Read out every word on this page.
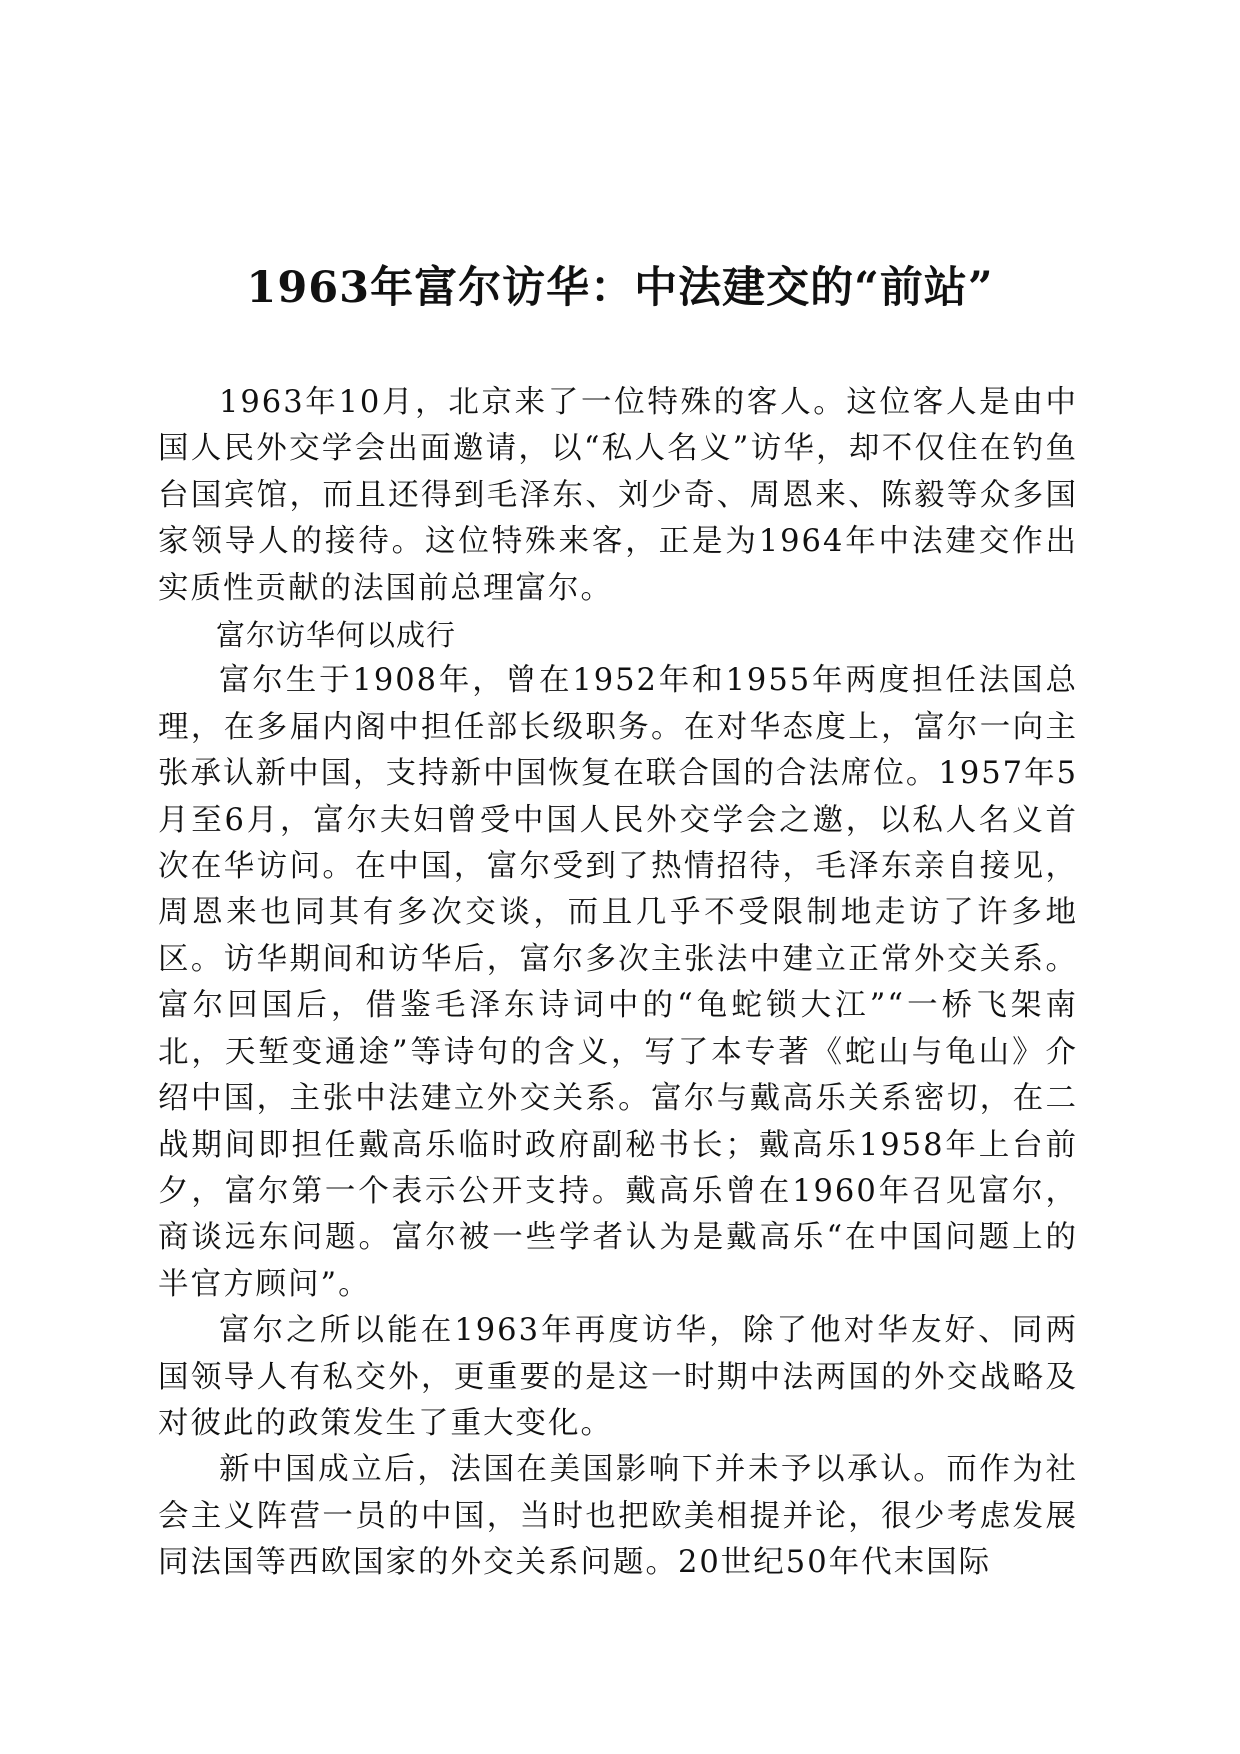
1963年富尔访华：中法建交的“前站”

1963年10月，北京来了一位特殊的客人。这位客人是由中国人民外交学会出面邀请，以“私人名义”访华，却不仅住在钓鱼台国宾馆，而且还得到毛泽东、刘少奇、周恩来、陈毅等众多国家领导人的接待。这位特殊来客，正是为1964年中法建交作出实质性贡献的法国前总理富尔。

富尔访华何以成行

富尔生于1908年，曾在1952年和1955年两度担任法国总理，在多届内阁中担任部长级职务。在对华态度上，富尔一向主张承认新中国，支持新中国恢复在联合国的合法席位。1957年5月至6月，富尔夫妇曾受中国人民外交学会之邀，以私人名义首次在华访问。在中国，富尔受到了热情招待，毛泽东亲自接见，周恩来也同其有多次交谈，而且几乎不受限制地走访了许多地区。访华期间和访华后，富尔多次主张法中建立正常外交关系。富尔回国后，借鉴毛泽东诗词中的“龟蛇锁大江”“一桥飞架南北，天堑变通途”等诗句的含义，写了本专著《蛇山与龟山》介绍中国，主张中法建立外交关系。富尔与戴高乐关系密切，在二战期间即担任戴高乐临时政府副秘书长；戴高乐1958年上台前夕，富尔第一个表示公开支持。戴高乐曾在1960年召见富尔，商谈远东问题。富尔被一些学者认为是戴高乐“在中国问题上的半官方顾问”。

富尔之所以能在1963年再度访华，除了他对华友好、同两国领导人有私交外，更重要的是这一时期中法两国的外交战略及对彼此的政策发生了重大变化。

新中国成立后，法国在美国影响下并未予以承认。而作为社会主义阵营一员的中国，当时也把欧美相提并论，很少考虑发展同法国等西欧国家的外交关系问题。20世纪50年代末国际
